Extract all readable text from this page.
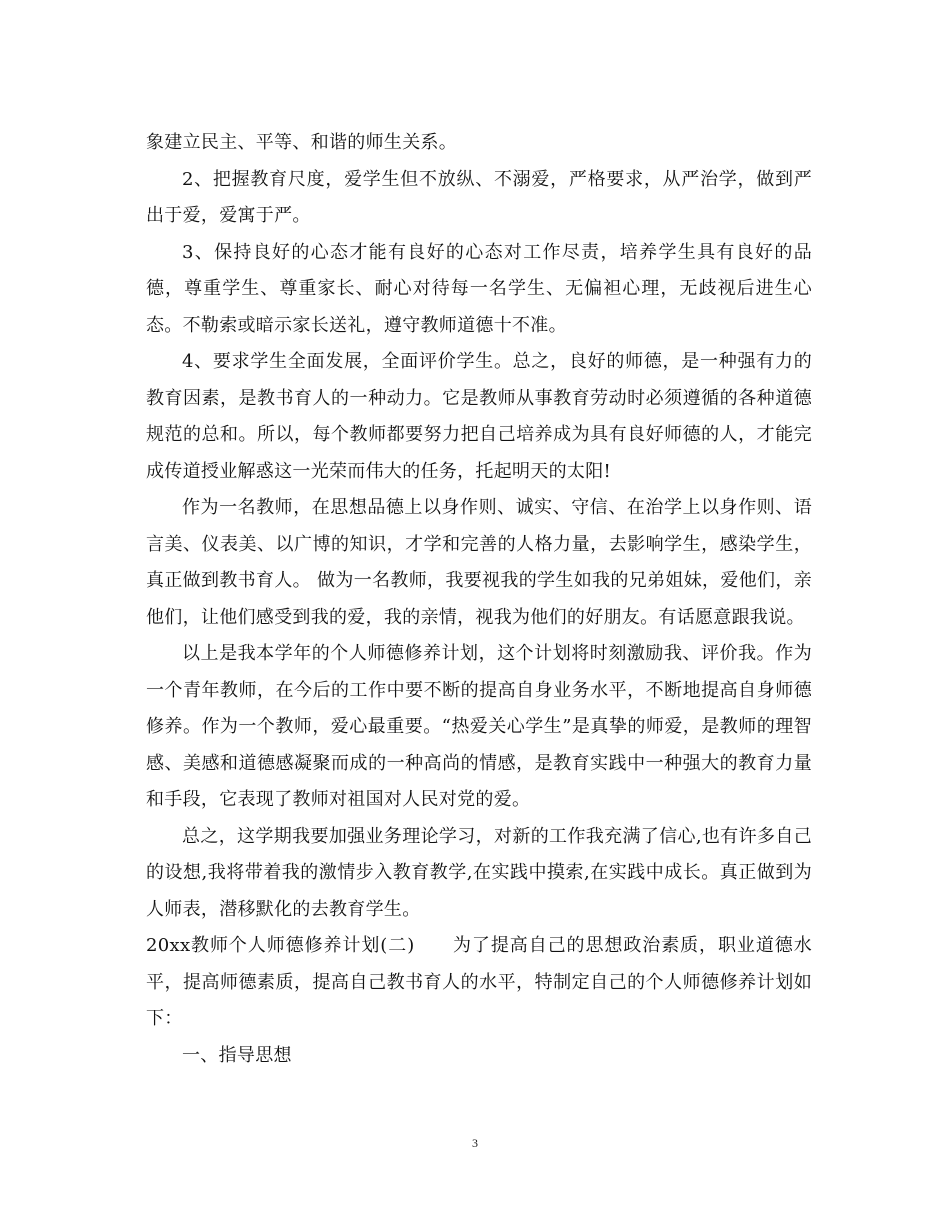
象建立民主、平等、和谐的师生关系。

2、把握教育尺度，爱学生但不放纵、不溺爱，严格要求，从严治学，做到严出于爱，爱寓于严。

3、保持良好的心态才能有良好的心态对工作尽责，培养学生具有良好的品德，尊重学生、尊重家长、耐心对待每一名学生、无偏袒心理，无歧视后进生心态。不勒索或暗示家长送礼，遵守教师道德十不准。

4、要求学生全面发展，全面评价学生。总之，良好的师德，是一种强有力的教育因素，是教书育人的一种动力。它是教师从事教育劳动时必须遵循的各种道德规范的总和。所以，每个教师都要努力把自己培养成为具有良好师德的人，才能完成传道授业解惑这一光荣而伟大的任务，托起明天的太阳!

作为一名教师，在思想品德上以身作则、诚实、守信、在治学上以身作则、语言美、仪表美、以广博的知识，才学和完善的人格力量，去影响学生，感染学生，真正做到教书育人。 做为一名教师，我要视我的学生如我的兄弟姐妹，爱他们，亲他们，让他们感受到我的爱，我的亲情，视我为他们的好朋友。有话愿意跟我说。

以上是我本学年的个人师德修养计划，这个计划将时刻激励我、评价我。作为一个青年教师，在今后的工作中要不断的提高自身业务水平，不断地提高自身师德修养。作为一个教师，爱心最重要。“热爱关心学生”是真挚的师爱，是教师的理智感、美感和道德感凝聚而成的一种高尚的情感，是教育实践中一种强大的教育力量和手段，它表现了教师对祖国对人民对党的爱。

总之，这学期我要加强业务理论学习，对新的工作我充满了信心,也有许多自己的设想,我将带着我的激情步入教育教学,在实践中摸索,在实践中成长。真正做到为人师表，潜移默化的去教育学生。

20xx教师个人师德修养计划(二)　　为了提高自己的思想政治素质，职业道德水平，提高师德素质，提高自己教书育人的水平，特制定自己的个人师德修养计划如下：

一、指导思想

3
